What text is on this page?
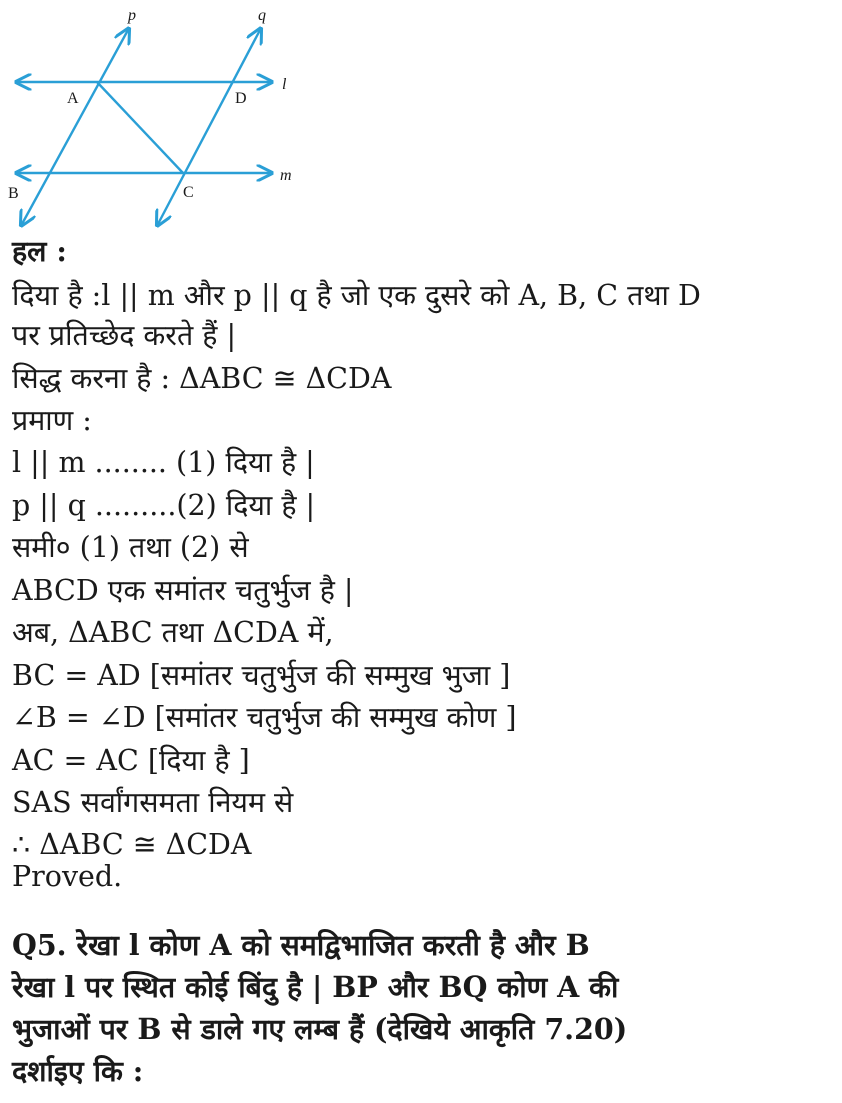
p	q
l
m
A	D
B	C
हल :
दिया है :l || m और p || q है जो एक दुसरे को A, B, C तथा D
पर प्रतिच्छेद करते हैं |
सिद्ध करना है : ΔABC ≅ ΔCDA
प्रमाण :
l || m ........ (1) दिया है |
p || q .........(2) दिया है |
समी० (1) तथा (2) से
ABCD एक समांतर चतुर्भुज है |
अब, ΔABC तथा ΔCDA में,
BC = AD [समांतर चतुर्भुज की सम्मुख भुजा ]
∠B = ∠D [समांतर चतुर्भुज की सम्मुख कोण ]
AC = AC [दिया है ]
SAS सर्वांगसमता नियम से
∴ ΔABC ≅ ΔCDA
Proved.
Q5. रेखा l कोण A को समद्विभाजित करती है और B
रेखा l पर स्थित कोई बिंदु है | BP और BQ कोण A की
भुजाओं पर B से डाले गए लम्ब हैं (देखिये आकृति 7.20)
दर्शाइए कि :
